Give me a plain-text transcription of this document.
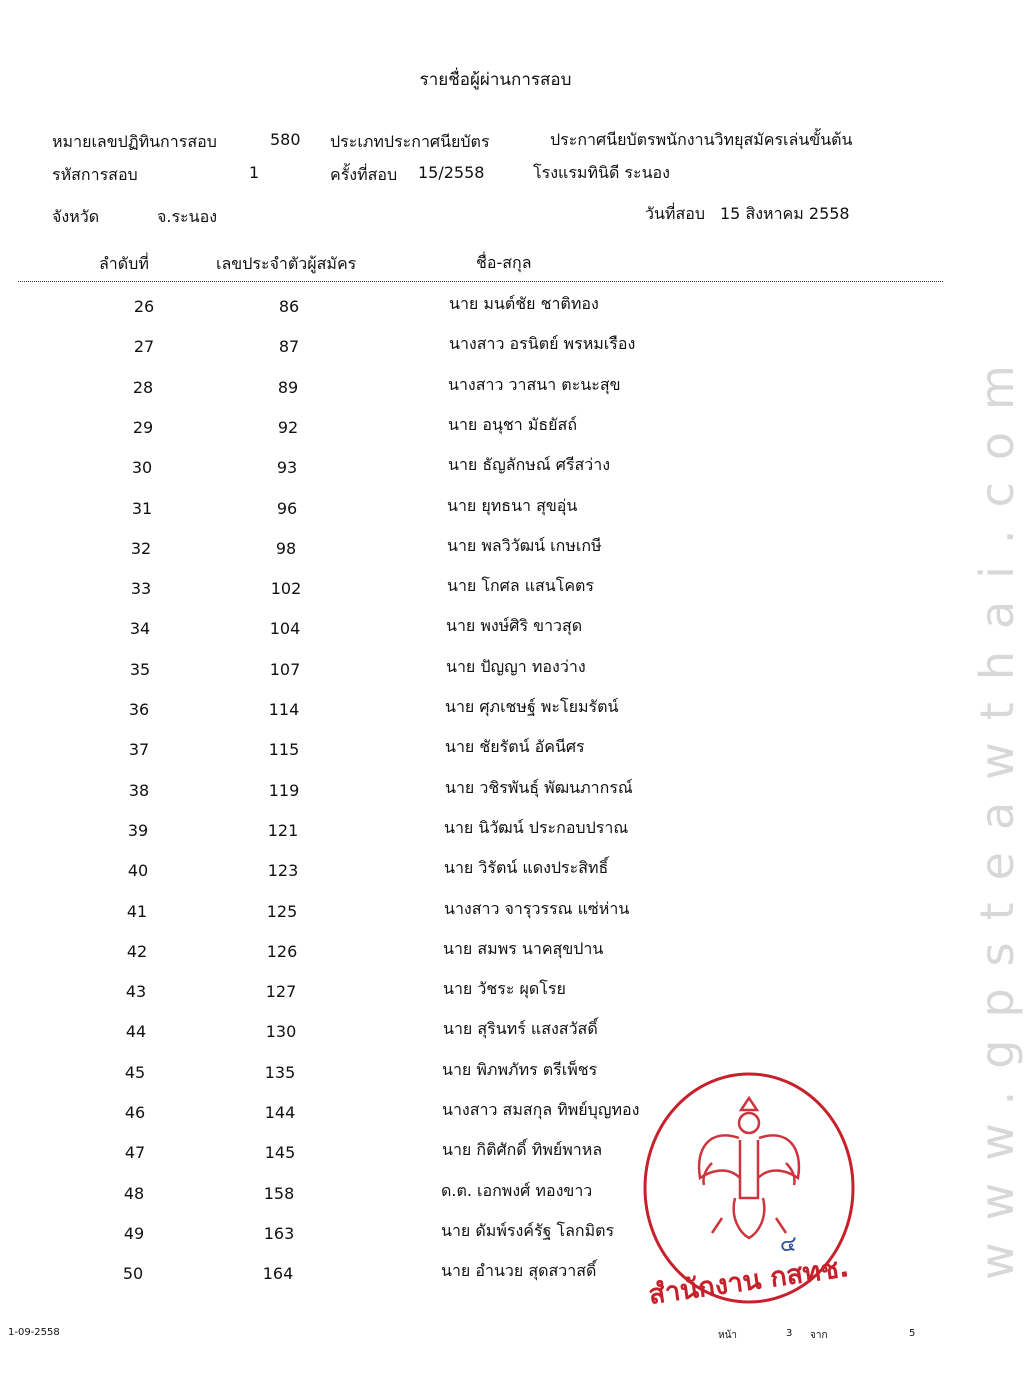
รายชื่อผู้ผ่านการสอบ
หมายเลขปฏิทินการสอบ	580 ประเภทประกาศนียบัตร	ประกาศนียบัตรพนักงานวิทยุสมัครเล่นขั้นต้น
รหัสการสอบ	1	ครั้งที่สอบ 15/2558	โรงแรมทินิดี ระนอง
จังหวัด	จ.ระนอง	วันที่สอบ 15 สิงหาคม 2558
ลำดับที่	เลขประจำตัวผู้สมัคร	ชื่อ-สกุล
26	86	นาย มนต์ชัย ชาติทอง
27	87	นางสาว อรนิตย์ พรหมเรือง
28	89	นางสาว วาสนา ตะนะสุข
29	92	นาย อนุชา มัธยัสถ์
30	93	นาย ธัญลักษณ์ ศรีสว่าง
31	96	นาย ยุทธนา สุขอุ่น
32	98	นาย พลวิวัฒน์ เกษเกษี
33	102	นาย โกศล แสนโคตร
34	104	นาย พงษ์ศิริ ขาวสุด
35	107	นาย ปัญญา ทองว่าง
36	114	นาย ศุภเชษฐ์ พะโยมรัตน์
37	115	นาย ชัยรัตน์ อัคนีศร
38	119	นาย วชิรพันธุ์ พัฒนภากรณ์
39	121	นาย นิวัฒน์ ประกอบปราณ
40	123	นาย วิรัตน์ แดงประสิทธิ์
41	125	นางสาว จารุวรรณ แซ่ห่าน
42	126	นาย สมพร นาคสุขปาน
43	127	นาย วัชระ ผุดโรย
44	130	นาย สุรินทร์ แสงสวัสดิ์
45	135	นาย พิภพภัทร ตรีเพ็ชร
46	144	นางสาว สมสกุล ทิพย์บุญทอง
47	145	นาย กิติศักดิ์ ทิพย์พาหล
48	158	ด.ต. เอกพงศ์ ทองขาว
49	163	นาย ดัมพ์รงค์รัฐ โลกมิตร
50	164	นาย อำนวย สุดสวาสดิ์	www.gpsteawthai.com
๔
สำนักงาน กสทช.
1-09-2558	หน้า	3 จาก	5
